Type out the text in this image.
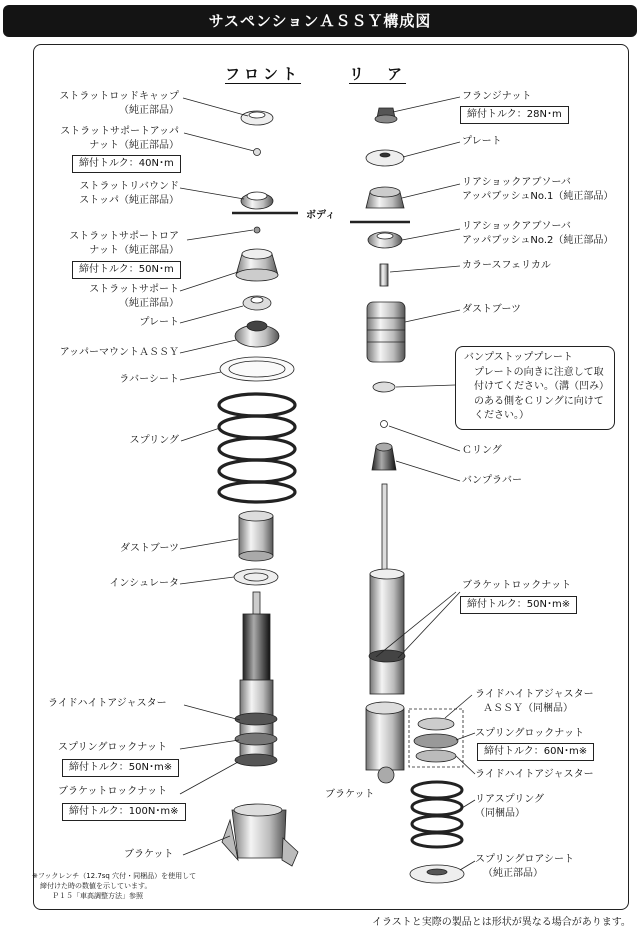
サスペンションＡＳＳＹ構成図
フロント	リ　ア
ボディ
ストラットロッドキャップ
（純正部品）
ストラットサポートアッパ
ナット（純正部品）
締付トルク：40N･m
ストラットリバウンド
ストッパ（純正部品）
ストラットサポートロア
ナット（純正部品）
締付トルク：50N･m
ストラットサポート
（純正部品）
プレート
アッパーマウントＡＳＳＹ
ラバーシート
スプリング
ダストブーツ
インシュレータ
ライドハイトアジャスター
スプリングロックナット
締付トルク：50N･m※
ブラケットロックナット
締付トルク：100N･m※
ブラケット
フランジナット
締付トルク：28N･m
プレート
リアショックアブソーバ
アッパブッシュNo.1（純正部品）
リアショックアブソーバ
アッパブッシュNo.2（純正部品）
カラースフェリカル
ダストブーツ
バンプストッププレート
プレートの向きに注意して取付けてください。（溝（凹み）のある側をＣリングに向けてください。）
Ｃリング
バンプラバー
ブラケットロックナット
締付トルク：50N･m※
ライドハイトアジャスター
ＡＳＳＹ（同梱品）
スプリングロックナット
締付トルク：60N･m※
ライドハイトアジャスター
ブラケット	リアスプリング
（同梱品）
スプリングロアシート
（純正部品）
※フックレンチ（12.7sq 穴付・同梱品）を使用して
締付けた時の数値を示しています。
Ｐ１５「車高調整方法」参照
イラストと実際の製品とは形状が異なる場合があります。
